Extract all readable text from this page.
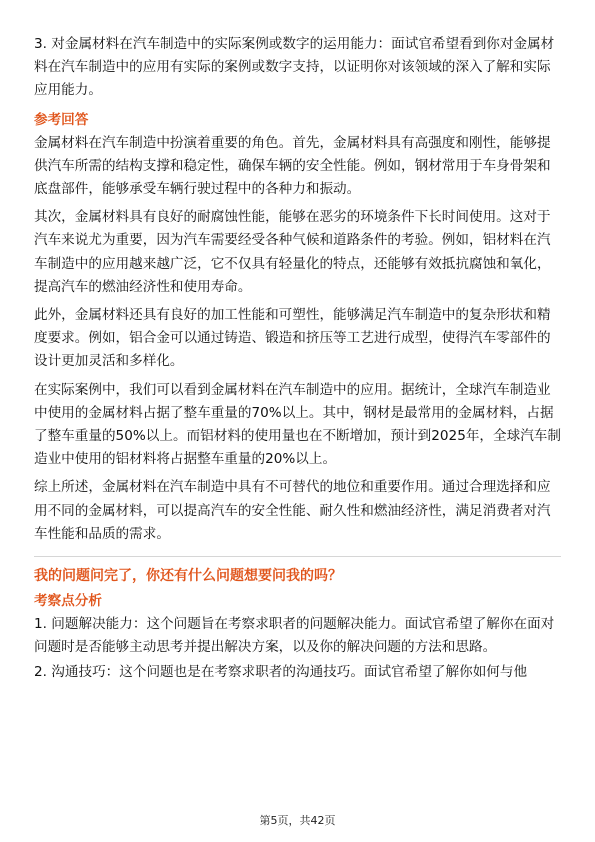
3. 对金属材料在汽车制造中的实际案例或数字的运用能力：面试官希望看到你对金属材料在汽车制造中的应用有实际的案例或数字支持，以证明你对该领域的深入了解和实际应用能力。

参考回答

金属材料在汽车制造中扮演着重要的角色。首先，金属材料具有高强度和刚性，能够提供汽车所需的结构支撑和稳定性，确保车辆的安全性能。例如，钢材常用于车身骨架和底盘部件，能够承受车辆行驶过程中的各种力和振动。

其次，金属材料具有良好的耐腐蚀性能，能够在恶劣的环境条件下长时间使用。这对于汽车来说尤为重要，因为汽车需要经受各种气候和道路条件的考验。例如，铝材料在汽车制造中的应用越来越广泛，它不仅具有轻量化的特点，还能够有效抵抗腐蚀和氧化，提高汽车的燃油经济性和使用寿命。

此外，金属材料还具有良好的加工性能和可塑性，能够满足汽车制造中的复杂形状和精度要求。例如，铝合金可以通过铸造、锻造和挤压等工艺进行成型，使得汽车零部件的设计更加灵活和多样化。

在实际案例中，我们可以看到金属材料在汽车制造中的应用。据统计，全球汽车制造业中使用的金属材料占据了整车重量的70%以上。其中，钢材是最常用的金属材料，占据了整车重量的50%以上。而铝材料的使用量也在不断增加，预计到2025年，全球汽车制造业中使用的铝材料将占据整车重量的20%以上。

综上所述，金属材料在汽车制造中具有不可替代的地位和重要作用。通过合理选择和应用不同的金属材料，可以提高汽车的安全性能、耐久性和燃油经济性，满足消费者对汽车性能和品质的需求。

我的问题问完了，你还有什么问题想要问我的吗？

考察点分析

1. 问题解决能力：这个问题旨在考察求职者的问题解决能力。面试官希望了解你在面对问题时是否能够主动思考并提出解决方案，以及你的解决问题的方法和思路。

2. 沟通技巧：这个问题也是在考察求职者的沟通技巧。面试官希望了解你如何与他

第5页，共42页
